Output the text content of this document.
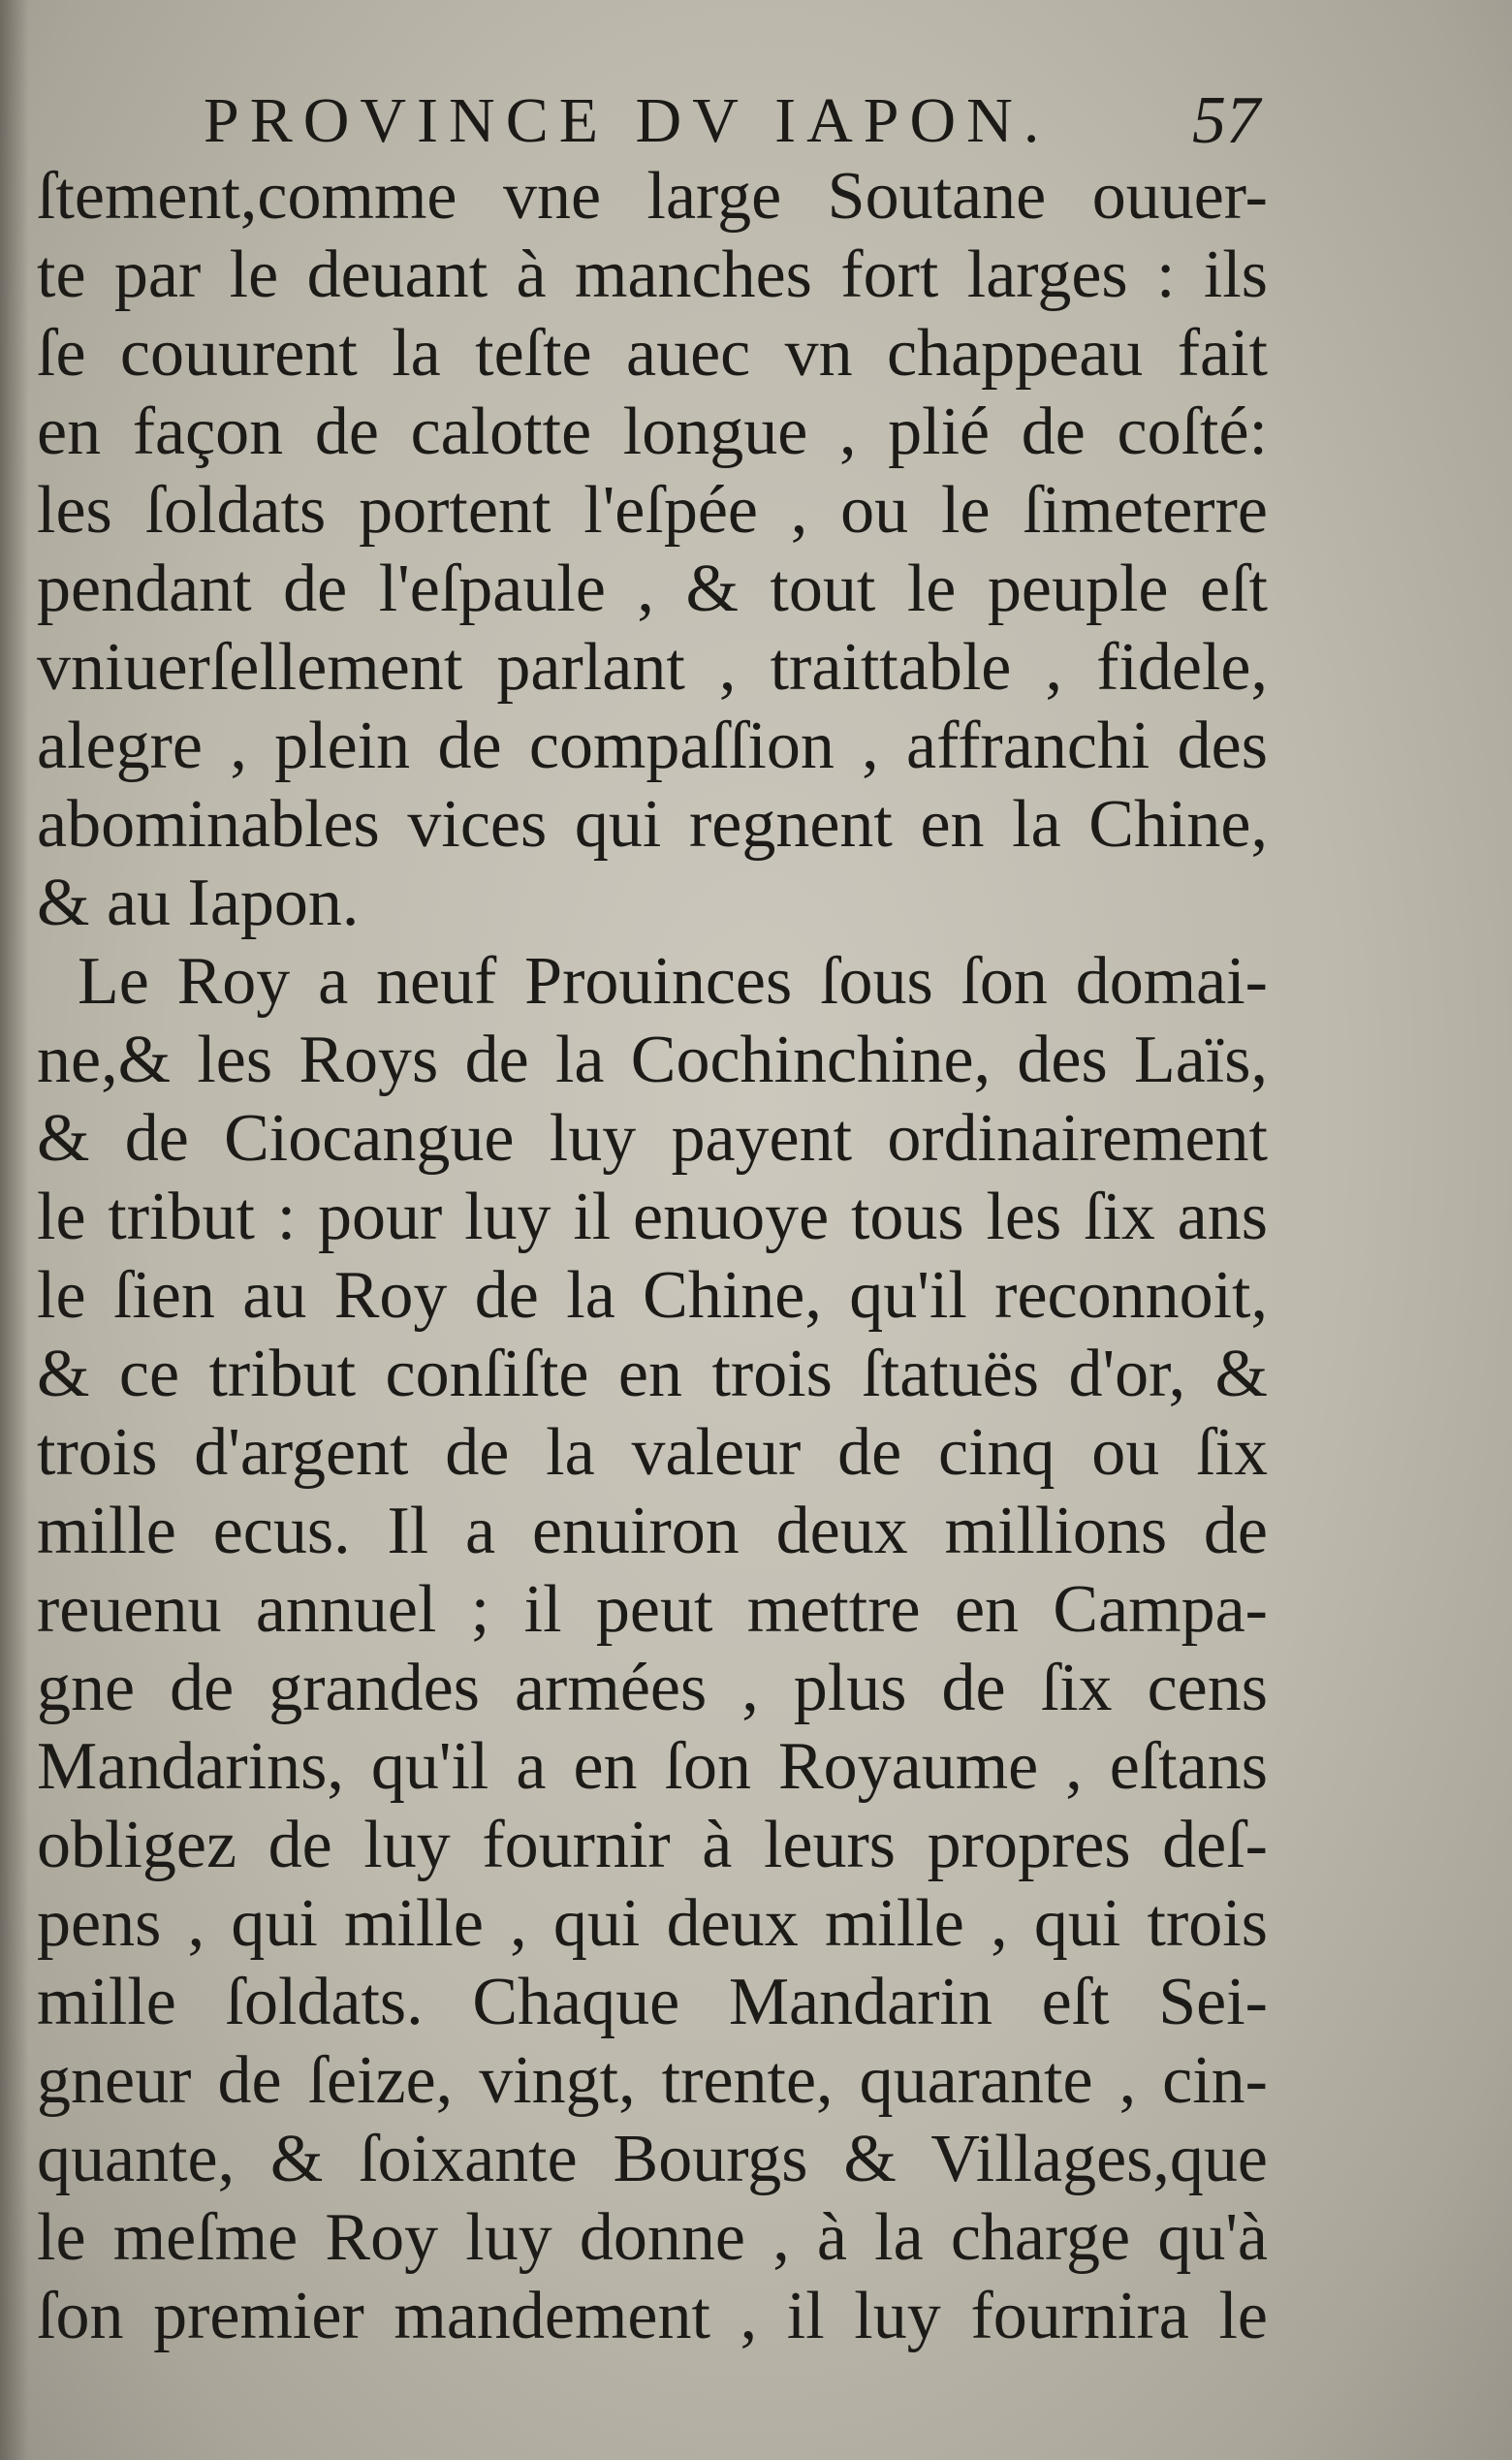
PROVINCE DV IAPON.	57
ſtement,comme vne large Soutane ouuer-
te par le deuant à manches fort larges : ils
ſe couurent la teſte auec vn chappeau fait
en façon de calotte longue , plié de coſté:
les ſoldats portent l'eſpée , ou le ſimeterre
pendant de l'eſpaule , & tout le peuple eſt
vniuerſellement parlant , traittable , fidele,
alegre , plein de compaſſion , affranchi des
abominables vices qui regnent en la Chine,
& au Iapon.
Le Roy a neuf Prouinces ſous ſon domai-
ne,& les Roys de la Cochinchine, des Laïs,
& de Ciocangue luy payent ordinairement
le tribut : pour luy il enuoye tous les ſix ans
le ſien au Roy de la Chine, qu'il reconnoit,
& ce tribut conſiſte en trois ſtatuës d'or, &
trois d'argent de la valeur de cinq ou ſix
mille ecus. Il a enuiron deux millions de
reuenu annuel ; il peut mettre en Campa-
gne de grandes armées , plus de ſix cens
Mandarins, qu'il a en ſon Royaume , eſtans
obligez de luy fournir à leurs propres deſ-
pens , qui mille , qui deux mille , qui trois
mille ſoldats. Chaque Mandarin eſt Sei-
gneur de ſeize, vingt, trente, quarante , cin-
quante, & ſoixante Bourgs & Villages,que
le meſme Roy luy donne , à la charge qu'à
ſon premier mandement , il luy fournira le
